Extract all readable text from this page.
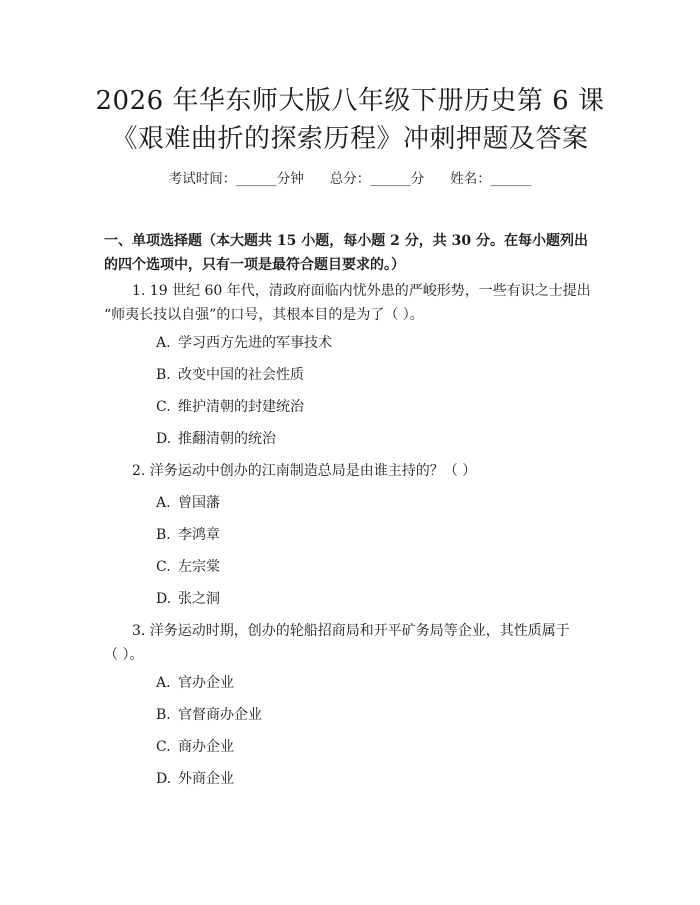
2026 年华东师大版八年级下册历史第 6 课
《艰难曲折的探索历程》冲刺押题及答案
考试时间：______分钟 总分：______分 姓名：______
一、单项选择题（本大题共 15 小题，每小题 2 分，共 30 分。在每小题列出的四个选项中，只有一项是最符合题目要求的。）
1. 19 世纪 60 年代，清政府面临内忧外患的严峻形势，一些有识之士提出
“师夷长技以自强”的口号，其根本目的是为了（ ）。
A. 学习西方先进的军事技术
B. 改变中国的社会性质
C. 维护清朝的封建统治
D. 推翻清朝的统治
2. 洋务运动中创办的江南制造总局是由谁主持的？（ ）
A. 曾国藩
B. 李鸿章
C. 左宗棠
D. 张之洞
3. 洋务运动时期，创办的轮船招商局和开平矿务局等企业，其性质属于
（ ）。
A. 官办企业
B. 官督商办企业
C. 商办企业
D. 外商企业
